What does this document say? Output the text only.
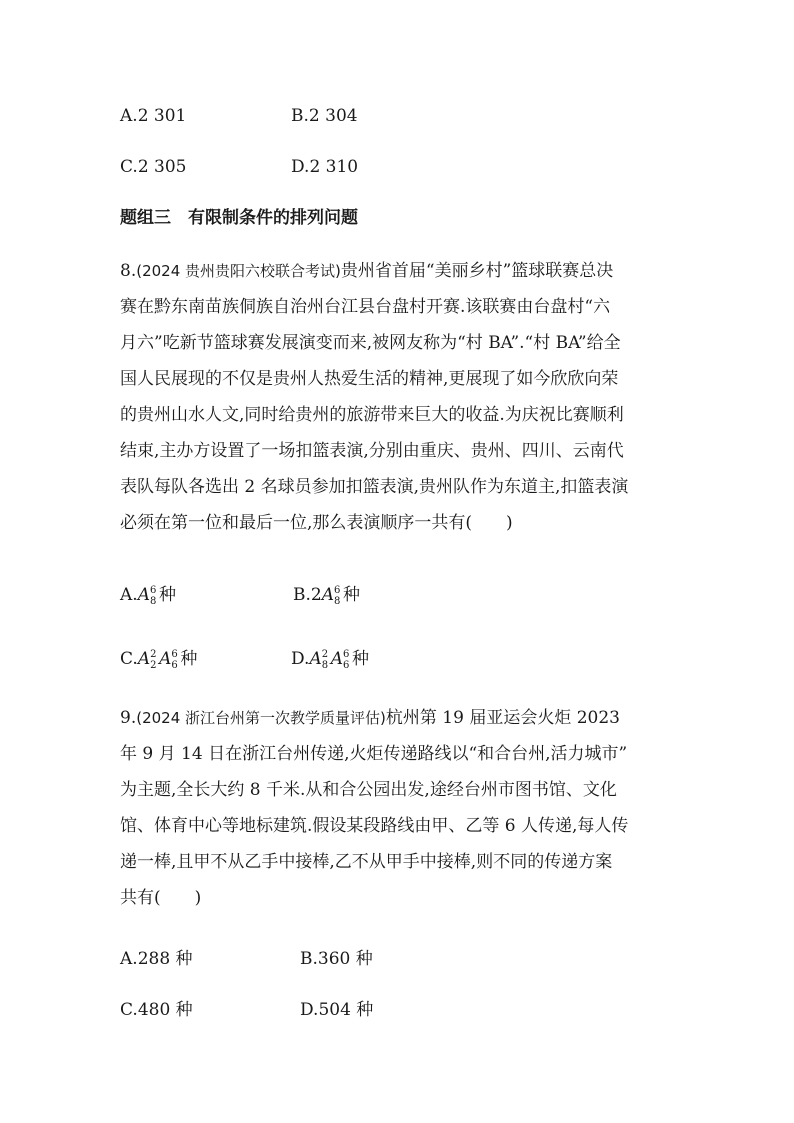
A.2 301	B.2 304
C.2 305	D.2 310
题组三　有限制条件的排列问题
8.(2024 贵州贵阳六校联合考试)贵州省首届“美丽乡村”篮球联赛总决
赛在黔东南苗族侗族自治州台江县台盘村开赛.该联赛由台盘村“六
月六”吃新节篮球赛发展演变而来,被网友称为“村 BA”.“村 BA”给全
国人民展现的不仅是贵州人热爱生活的精神,更展现了如今欣欣向荣
的贵州山水人文,同时给贵州的旅游带来巨大的收益.为庆祝比赛顺利
结束,主办方设置了一场扣篮表演,分别由重庆、贵州、四川、云南代
表队每队各选出 2 名球员参加扣篮表演,贵州队作为东道主,扣篮表演
必须在第一位和最后一位,那么表演顺序一共有(　　)
A.A 6
8 种	B.2A 6
8 种
C.A 2
2 A 6
6 种	D.A 2
8 A 6
6 种
9.(2024 浙江台州第一次教学质量评估)杭州第 19 届亚运会火炬 2023
年 9 月 14 日在浙江台州传递,火炬传递路线以“和合台州,活力城市”
为主题,全长大约 8 千米.从和合公园出发,途经台州市图书馆、文化
馆、体育中心等地标建筑.假设某段路线由甲、乙等 6 人传递,每人传
递一棒,且甲不从乙手中接棒,乙不从甲手中接棒,则不同的传递方案
共有(　　)
A.288 种	B.360 种
C.480 种	D.504 种
